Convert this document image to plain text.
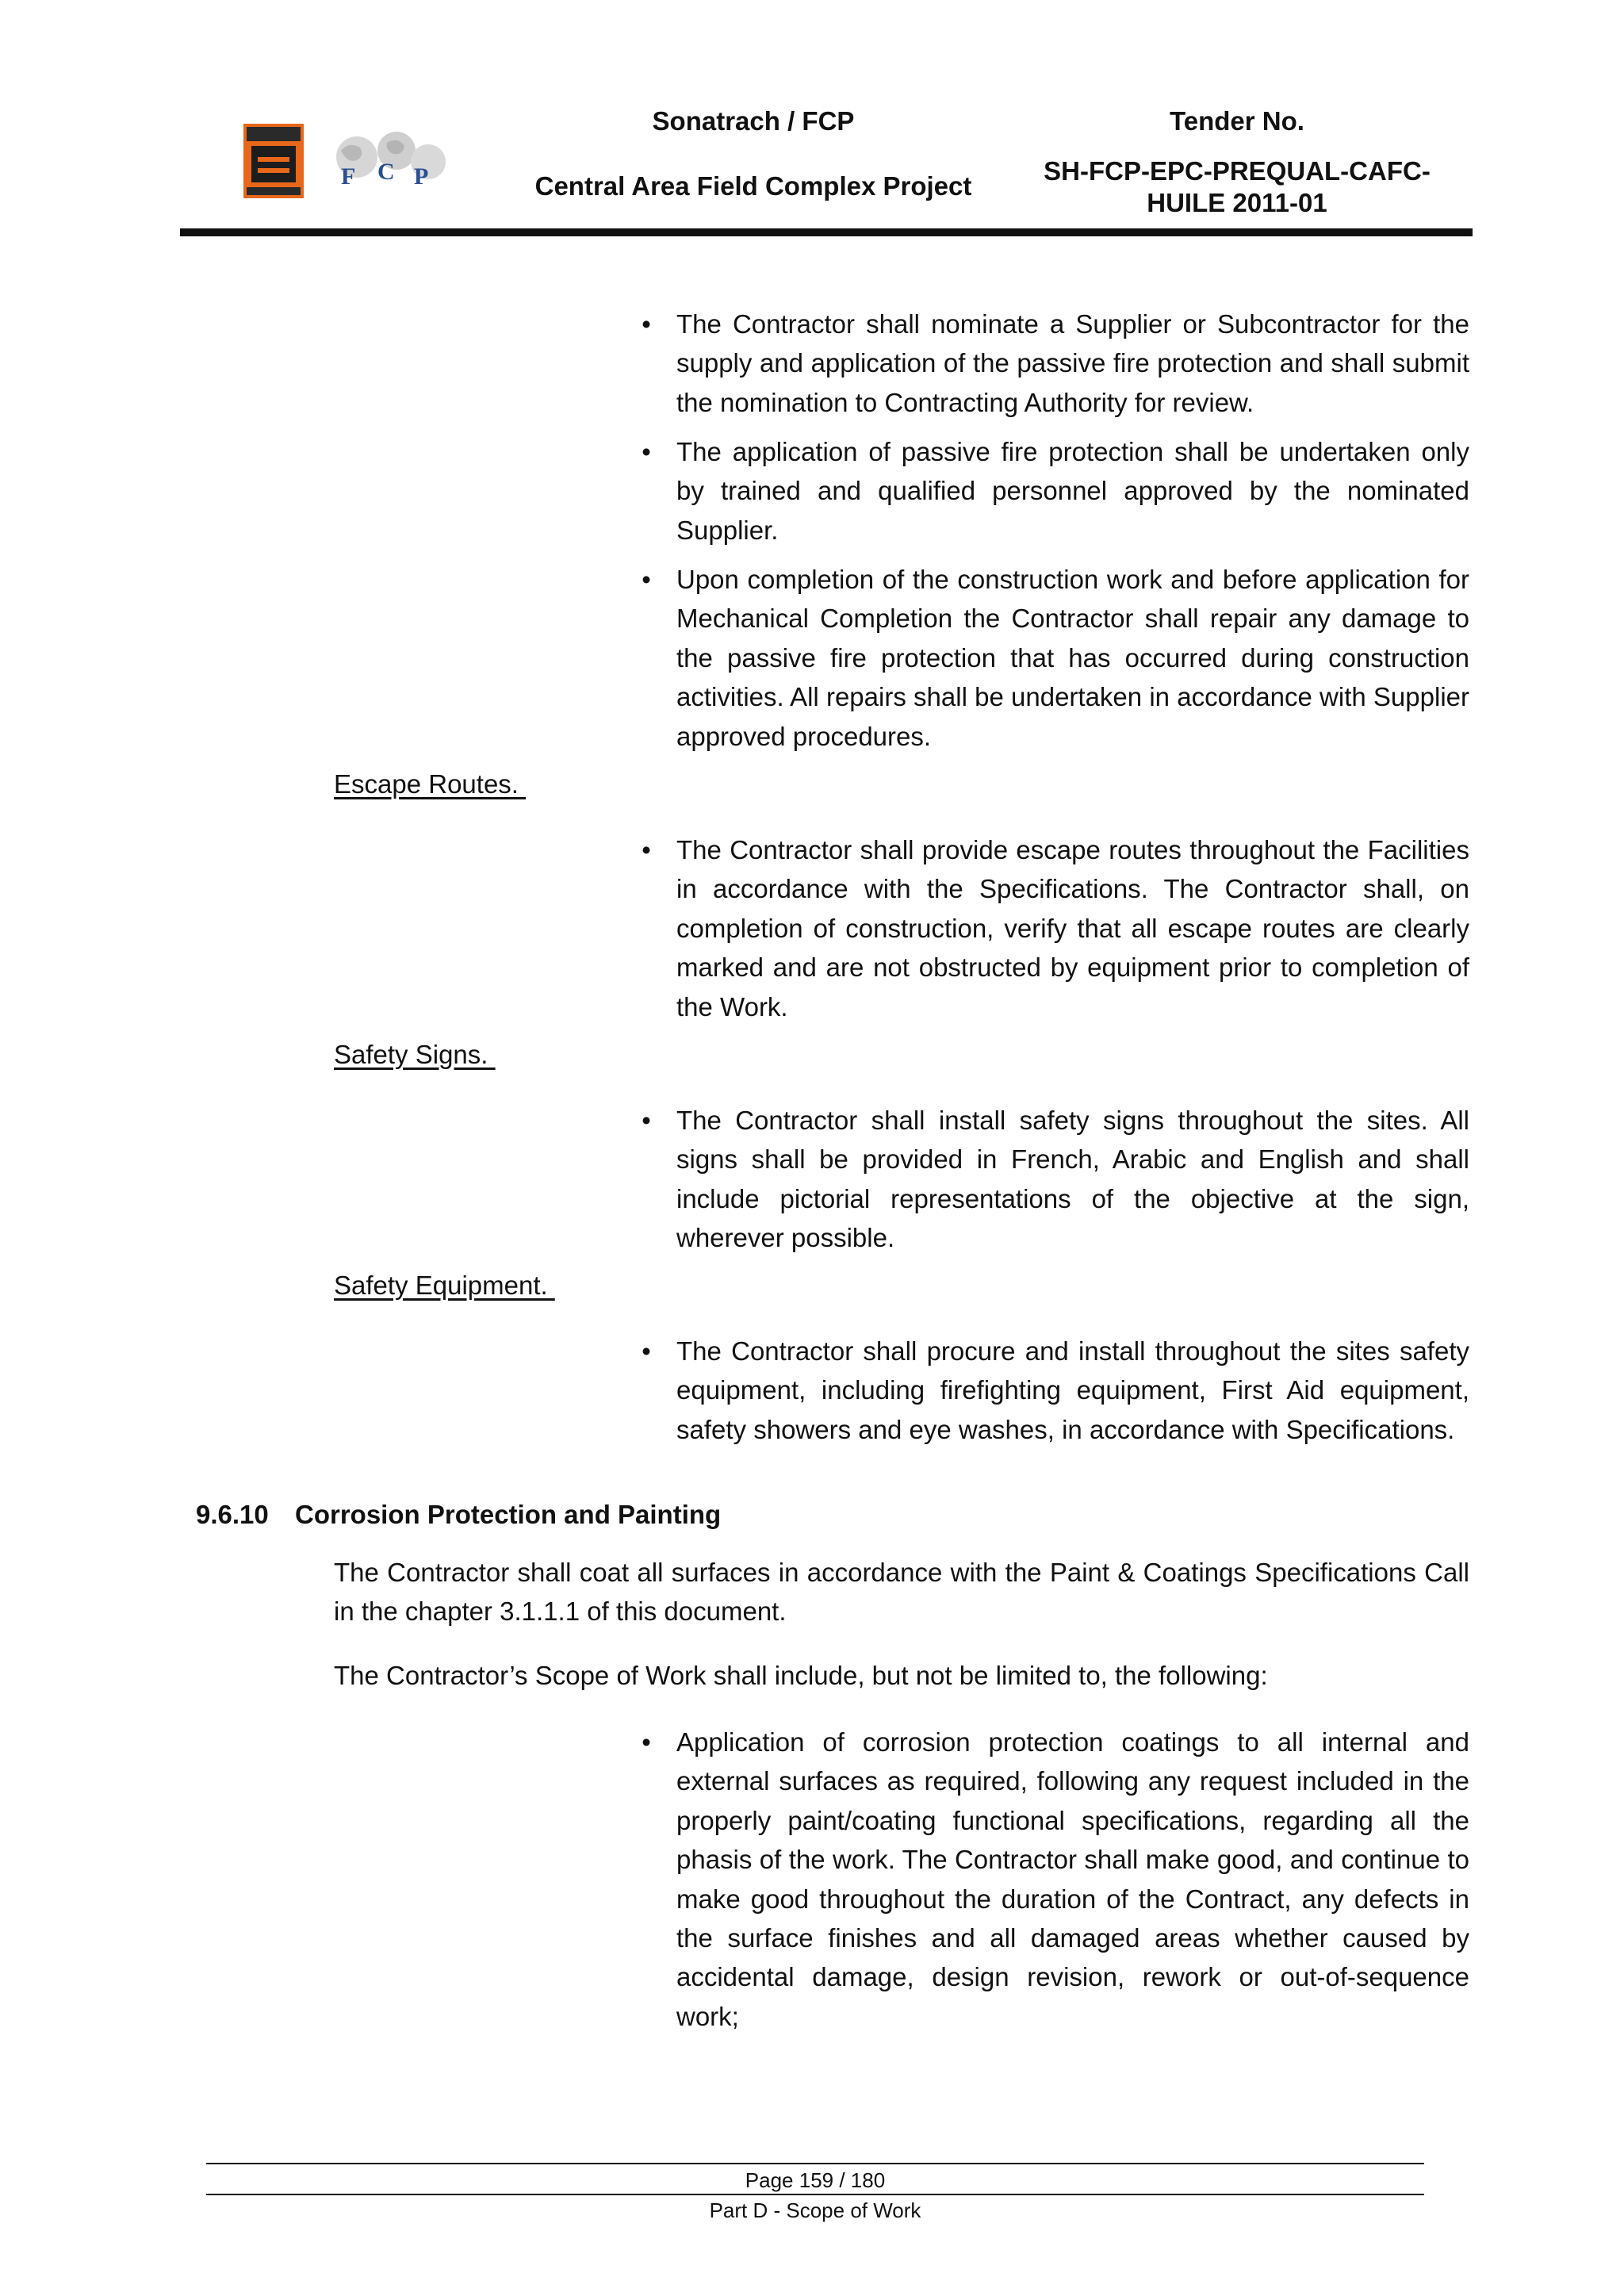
F C P
Sonatrach / FCP
Central Area Field Complex Project
Tender No.
SH-FCP-EPC-PREQUAL-CAFC-HUILE 2011-01
• The Contractor shall nominate a Supplier or Subcontractor for the supply and application of the passive fire protection and shall submit the nomination to Contracting Authority for review.
• The application of passive fire protection shall be undertaken only by trained and qualified personnel approved by the nominated Supplier.
• Upon completion of the construction work and before application for Mechanical Completion the Contractor shall repair any damage to the passive fire protection that has occurred during construction activities. All repairs shall be undertaken in accordance with Supplier approved procedures.
Escape Routes.
• The Contractor shall provide escape routes throughout the Facilities in accordance with the Specifications. The Contractor shall, on completion of construction, verify that all escape routes are clearly marked and are not obstructed by equipment prior to completion of the Work.
Safety Signs.
• The Contractor shall install safety signs throughout the sites. All signs shall be provided in French, Arabic and English and shall include pictorial representations of the objective at the sign, wherever possible.
Safety Equipment.
• The Contractor shall procure and install throughout the sites safety equipment, including firefighting equipment, First Aid equipment, safety showers and eye washes, in accordance with Specifications.
9.6.10 Corrosion Protection and Painting
The Contractor shall coat all surfaces in accordance with the Paint & Coatings Specifications Call in the chapter 3.1.1.1 of this document.
The Contractor’s Scope of Work shall include, but not be limited to, the following:
• Application of corrosion protection coatings to all internal and external surfaces as required, following any request included in the properly paint/coating functional specifications, regarding all the phasis of the work. The Contractor shall make good, and continue to make good throughout the duration of the Contract, any defects in the surface finishes and all damaged areas whether caused by accidental damage, design revision, rework or out-of-sequence work;
Page 159 / 180
Part D - Scope of Work
